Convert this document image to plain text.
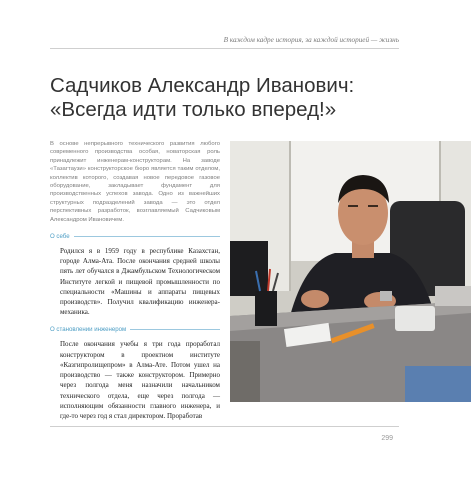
В каждом кадре история, за каждой историей — жизнь
Садчиков Александр Иванович:
«Всегда идти только вперед!»

В основе непрерывного технического развития любого современного производства особая, новаторская роль принадлежит инженерам-конструкторам. На заводе «Тазагтаузи» конструкторское бюро является таким отделом, коллектив которого, создавая новое передовое газовое оборудование, закладывает фундамент для производственных успехов завода. Одно из важнейших структурных подразделений завода — это отдел перспективных разработок, возглавляемый Садчиковым Александром Ивановичем.

О себе

Родился я в 1959 году в республике Казахстан, городе Алма-Ата. После окончания средней школы пять лет обучался в Джамбульском Технологическом Институте легкой и пищевой промышленности по специальности «Машины и аппараты пищевых производств». Получил квалификацию инженера-механика.

О становлении инженером

После окончания учебы я три года проработал конструктором в проектном институте «Казгипролищепром» в Алма-Ате. Потом ушел на производство — также конструктором. Примерно через полгода меня назначили начальником технического отдела, еще через полгода — исполняющим обязанности главного инженера, и где-то через год я стал директором. Проработав

299
